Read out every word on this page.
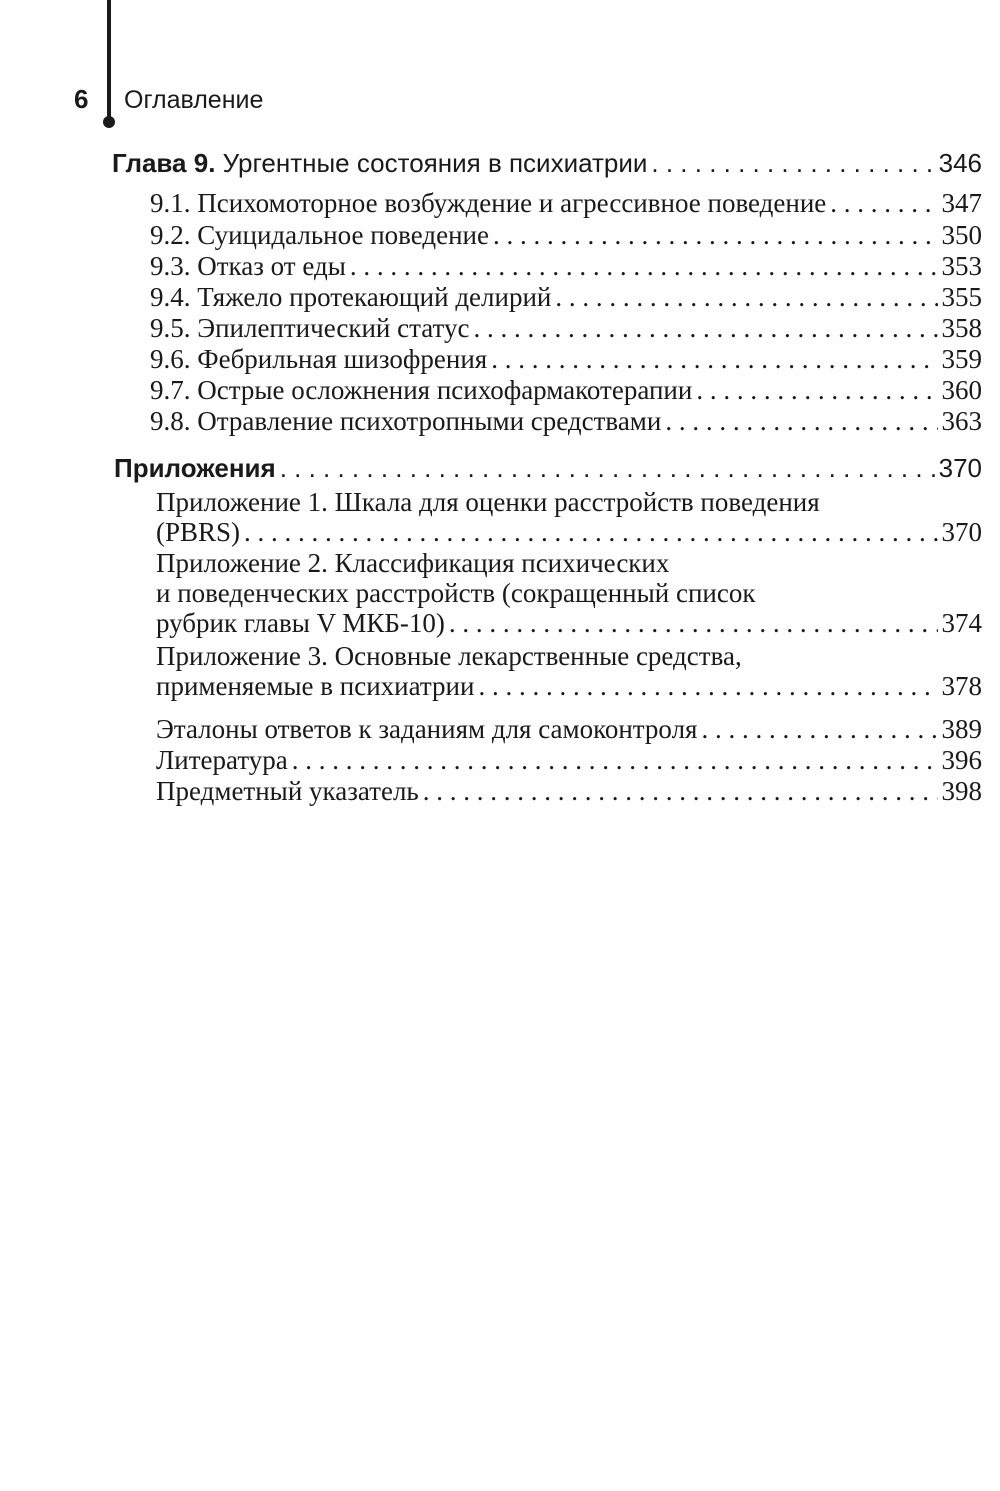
6 Оглавление
Глава 9. Ургентные состояния в психиатрии . . .	346
9.1. Психомоторное возбуждение и агрессивное поведение . . .	347
9.2. Суицидальное поведение . . .	350
9.3. Отказ от еды . . .	353
9.4. Тяжело протекающий делирий . . .	355
9.5. Эпилептический статус . . .	358
9.6. Фебрильная шизофрения . . .	359
9.7. Острые осложнения психофармакотерапии . . .	360
9.8. Отравление психотропными средствами . . .	363
Приложения . . .	370
Приложение 1. Шкала для оценки расстройств поведения
(PBRS) . . .	370
Приложение 2. Классификация психических
и поведенческих расстройств (сокращенный список
рубрик главы V МКБ-10) . . .	374
Приложение 3. Основные лекарственные средства,
применяемые в психиатрии . . .	378
Эталоны ответов к заданиям для самоконтроля . . .	389
Литература . . .	396
Предметный указатель . . .	398
